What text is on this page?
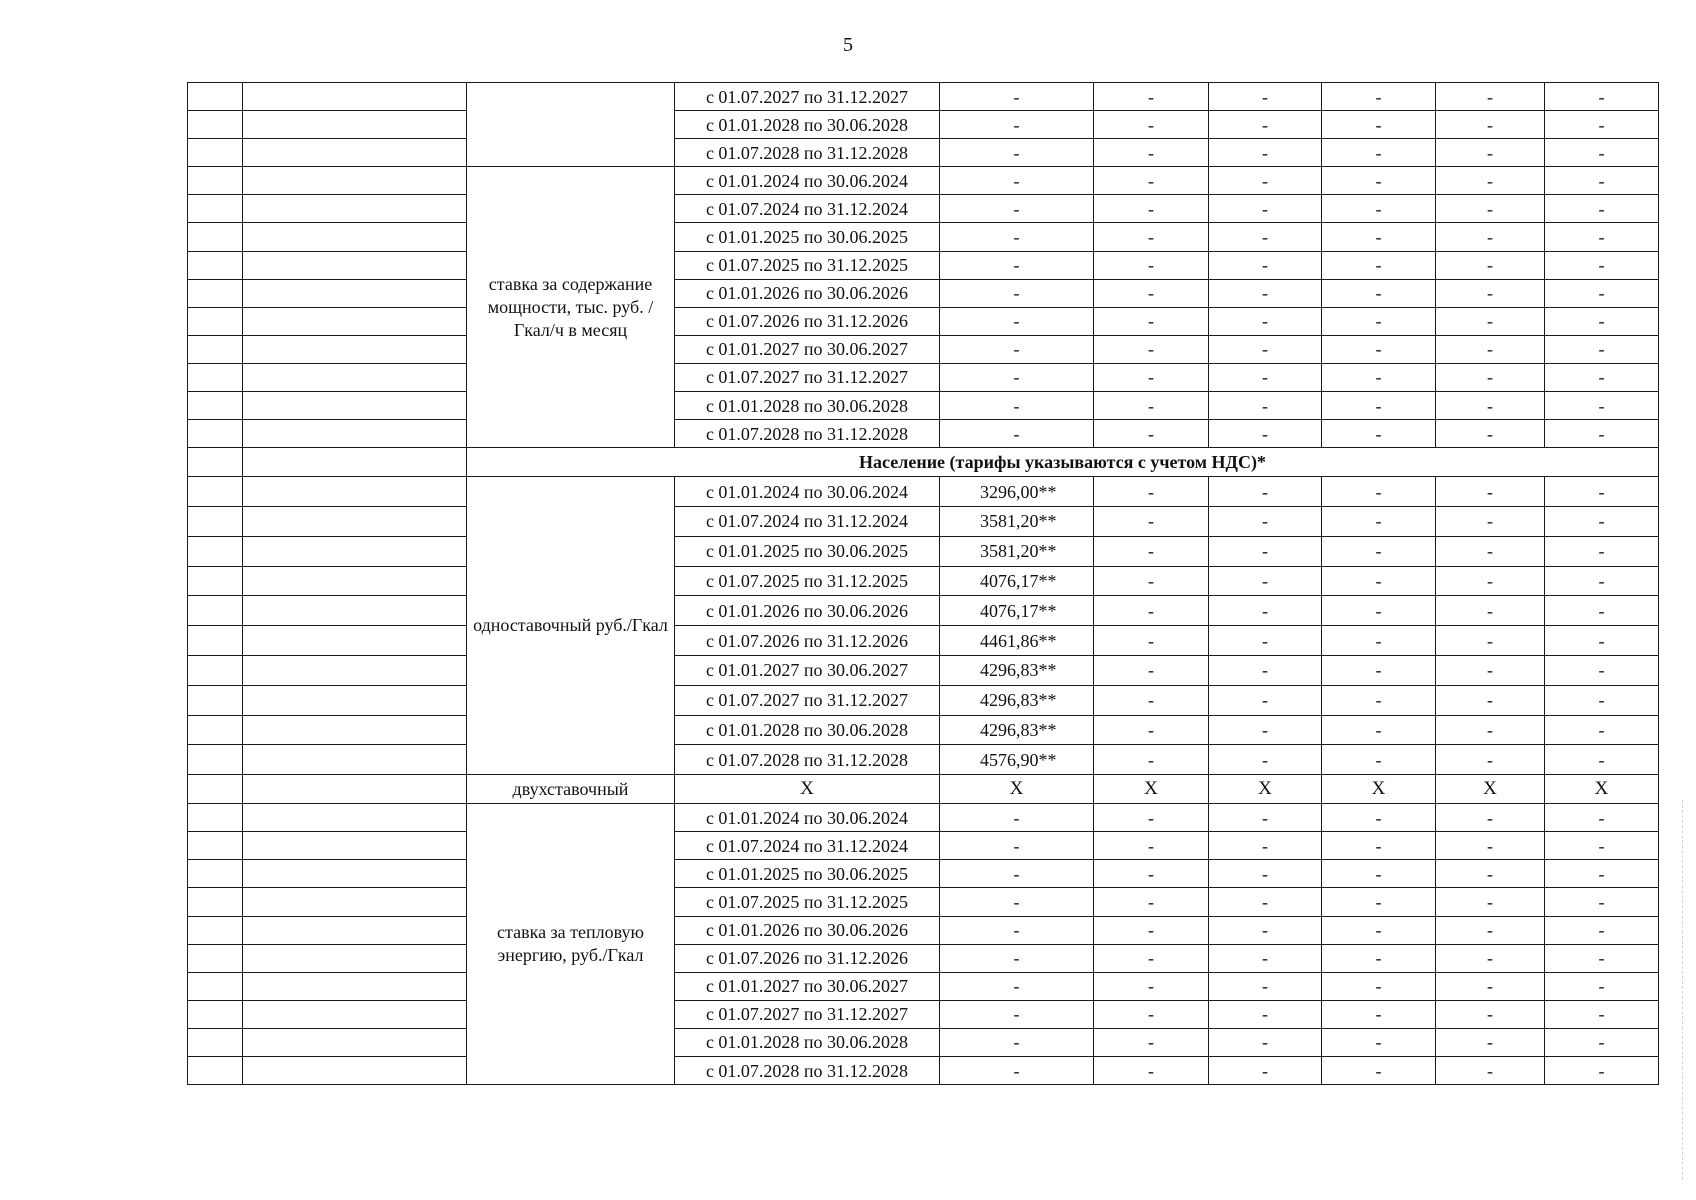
5
			с 01.07.2027 по 31.12.2027	-	-	-	-	-	-
			с 01.01.2028 по 30.06.2028	-	-	-	-	-	-
			с 01.07.2028 по 31.12.2028	-	-	-	-	-	-
		ставка за содержание мощности, тыс. руб. /Гкал/ч в месяц	с 01.01.2024 по 30.06.2024	-	-	-	-	-	-
			с 01.07.2024 по 31.12.2024	-	-	-	-	-	-
			с 01.01.2025 по 30.06.2025	-	-	-	-	-	-
			с 01.07.2025 по 31.12.2025	-	-	-	-	-	-
			с 01.01.2026 по 30.06.2026	-	-	-	-	-	-
			с 01.07.2026 по 31.12.2026	-	-	-	-	-	-
			с 01.01.2027 по 30.06.2027	-	-	-	-	-	-
			с 01.07.2027 по 31.12.2027	-	-	-	-	-	-
			с 01.01.2028 по 30.06.2028	-	-	-	-	-	-
			с 01.07.2028 по 31.12.2028	-	-	-	-	-	-
		Население (тарифы указываются с учетом НДС)*							
		одноставочный руб./Гкал	с 01.01.2024 по 30.06.2024	3296,00**	-	-	-	-	-
			с 01.07.2024 по 31.12.2024	3581,20**	-	-	-	-	-
			с 01.01.2025 по 30.06.2025	3581,20**	-	-	-	-	-
			с 01.07.2025 по 31.12.2025	4076,17**	-	-	-	-	-
			с 01.01.2026 по 30.06.2026	4076,17**	-	-	-	-	-
			с 01.07.2026 по 31.12.2026	4461,86**	-	-	-	-	-
			с 01.01.2027 по 30.06.2027	4296,83**	-	-	-	-	-
			с 01.07.2027 по 31.12.2027	4296,83**	-	-	-	-	-
			с 01.01.2028 по 30.06.2028	4296,83**	-	-	-	-	-
			с 01.07.2028 по 31.12.2028	4576,90**	-	-	-	-	-
		двухставочный	X	X	X	X	X	X	X
		ставка за тепловую энергию, руб./Гкал	с 01.01.2024 по 30.06.2024	-	-	-	-	-	-
			с 01.07.2024 по 31.12.2024	-	-	-	-	-	-
			с 01.01.2025 по 30.06.2025	-	-	-	-	-	-
			с 01.07.2025 по 31.12.2025	-	-	-	-	-	-
			с 01.01.2026 по 30.06.2026	-	-	-	-	-	-
			с 01.07.2026 по 31.12.2026	-	-	-	-	-	-
			с 01.01.2027 по 30.06.2027	-	-	-	-	-	-
			с 01.07.2027 по 31.12.2027	-	-	-	-	-	-
			с 01.01.2028 по 30.06.2028	-	-	-	-	-	-
			с 01.07.2028 по 31.12.2028	-	-	-	-	-	-
